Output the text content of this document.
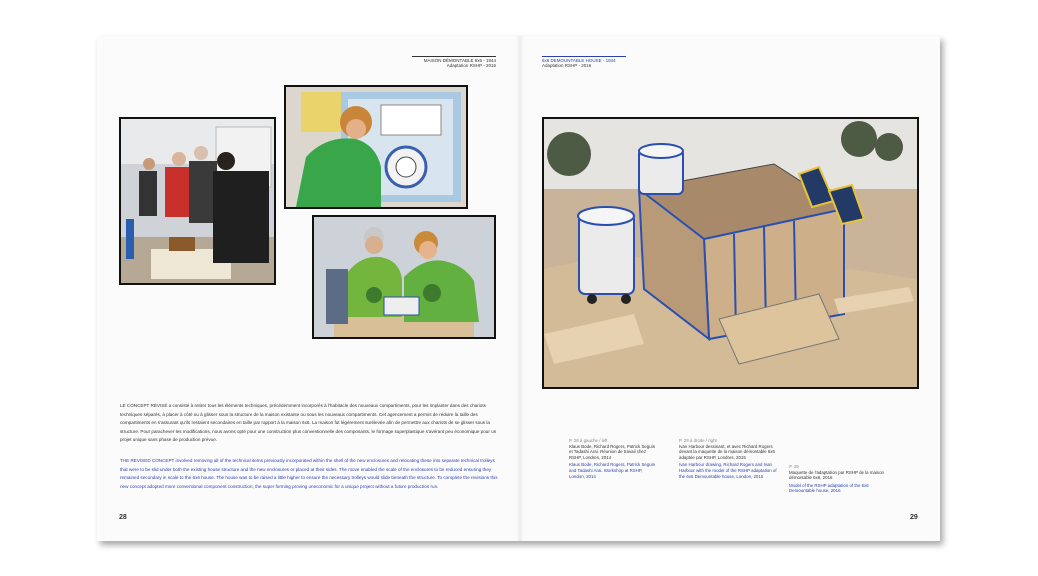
MAISON DÉMONTABLE 6x6 - 1944
Adaptation RSHP - 2016
6x6 DEMOUNTABLE HOUSE - 1944
Adaptation RSHP - 2016
LE CONCEPT RÉVISÉ a consisté à retirer tous les éléments techniques, précédemment incorporés à l'habitacle des nouveaux compartiments, pour les implanter dans des chariots techniques séparés, à placer à côté ou à glisser sous la structure de la maison existante ou sous les nouveaux compartiments. Cet agencement a permis de réduire la taille des compartiments en s'assurant qu'ils restaient secondaires en taille par rapport à la maison 6x6. La maison fut légèrement surélevée afin de permettre aux chariots de se glisser sous la structure. Pour parachever les modifications, nous avons opté pour une construction plus conventionnelle des composants, le formage superplastique s'avérant peu économique pour un projet unique sans phase de production prévue.
THE REVISED CONCEPT involved removing all of the technical items previously incorporated within the shell of the new enclosures and relocating these into separate technical trolleys that were to be slid under both the existing house structure and the new enclosures or placed at their sides. The move enabled the scale of the enclosures to be reduced ensuring they remained secondary in scale to the 6x6 house. The house was to be raised a little higher to ensure the necessary trolleys would slide beneath the structure. To complete the revisions this new concept adopted more conventional component construction, the super forming proving uneconomic for a unique project without a future production run.
P. 28 à gauche / left
Klaus Bode, Richard Rogers, Patrick Seguin et Tadashi Arai. Réunion de travail chez RSHP, Londres, 2014
Klaus Bode, Richard Rogers, Patrick Seguin and Tadashi Arai. Workshop at RSHP, London, 2014
P. 28 à droite / right
Ivan Harbour dessinant, et avec Richard Rogers devant la maquette de la maison démontable 6x6 adaptée par RSHP, Londres, 2015
Ivan Harbour drawing, Richard Rogers and Ivan Harbour with the model of the RSHP adaptation of the 6x6 Demountable house, London, 2015
P. 29
Maquette de l'adaptation par RSHP de la maison démontable 6x6, 2016
Model of the RSHP adaptation of the 6x6 Demountable house, 2016
28	29
